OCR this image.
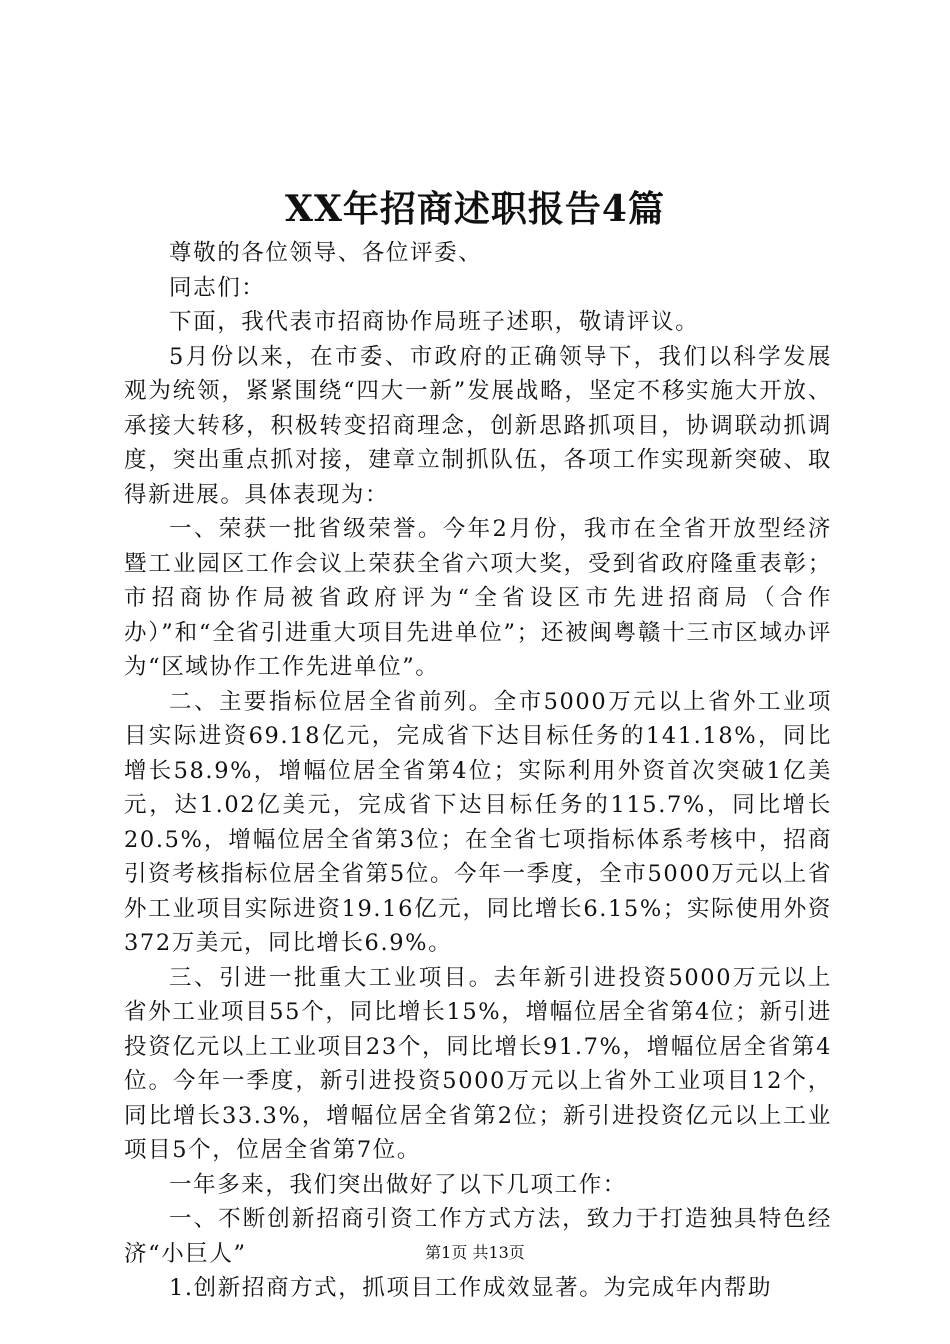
XX年招商述职报告4篇

尊敬的各位领导、各位评委、

同志们：

下面，我代表市招商协作局班子述职，敬请评议。

5月份以来，在市委、市政府的正确领导下，我们以科学发展观为统领，紧紧围绕“四大一新”发展战略，坚定不移实施大开放、承接大转移，积极转变招商理念，创新思路抓项目，协调联动抓调度，突出重点抓对接，建章立制抓队伍，各项工作实现新突破、取得新进展。具体表现为：

一、荣获一批省级荣誉。今年2月份，我市在全省开放型经济暨工业园区工作会议上荣获全省六项大奖，受到省政府隆重表彰；市招商协作局被省政府评为“全省设区市先进招商局（合作办）”和“全省引进重大项目先进单位”；还被闽粤赣十三市区域办评为“区域协作工作先进单位”。

二、主要指标位居全省前列。全市5000万元以上省外工业项目实际进资69.18亿元，完成省下达目标任务的141.18%，同比增长58.9%，增幅位居全省第4位；实际利用外资首次突破1亿美元，达1.02亿美元，完成省下达目标任务的115.7%，同比增长20.5%，增幅位居全省第3位；在全省七项指标体系考核中，招商引资考核指标位居全省第5位。今年一季度，全市5000万元以上省外工业项目实际进资19.16亿元，同比增长6.15%；实际使用外资372万美元，同比增长6.9%。

三、引进一批重大工业项目。去年新引进投资5000万元以上省外工业项目55个，同比增长15%，增幅位居全省第4位；新引进投资亿元以上工业项目23个，同比增长91.7%，增幅位居全省第4位。今年一季度，新引进投资5000万元以上省外工业项目12个，同比增长33.3%，增幅位居全省第2位；新引进投资亿元以上工业项目5个，位居全省第7位。

一年多来，我们突出做好了以下几项工作：

一、不断创新招商引资工作方式方法，致力于打造独具特色经济“小巨人”

1.创新招商方式，抓项目工作成效显著。为完成年内帮助

第1页 共13页
